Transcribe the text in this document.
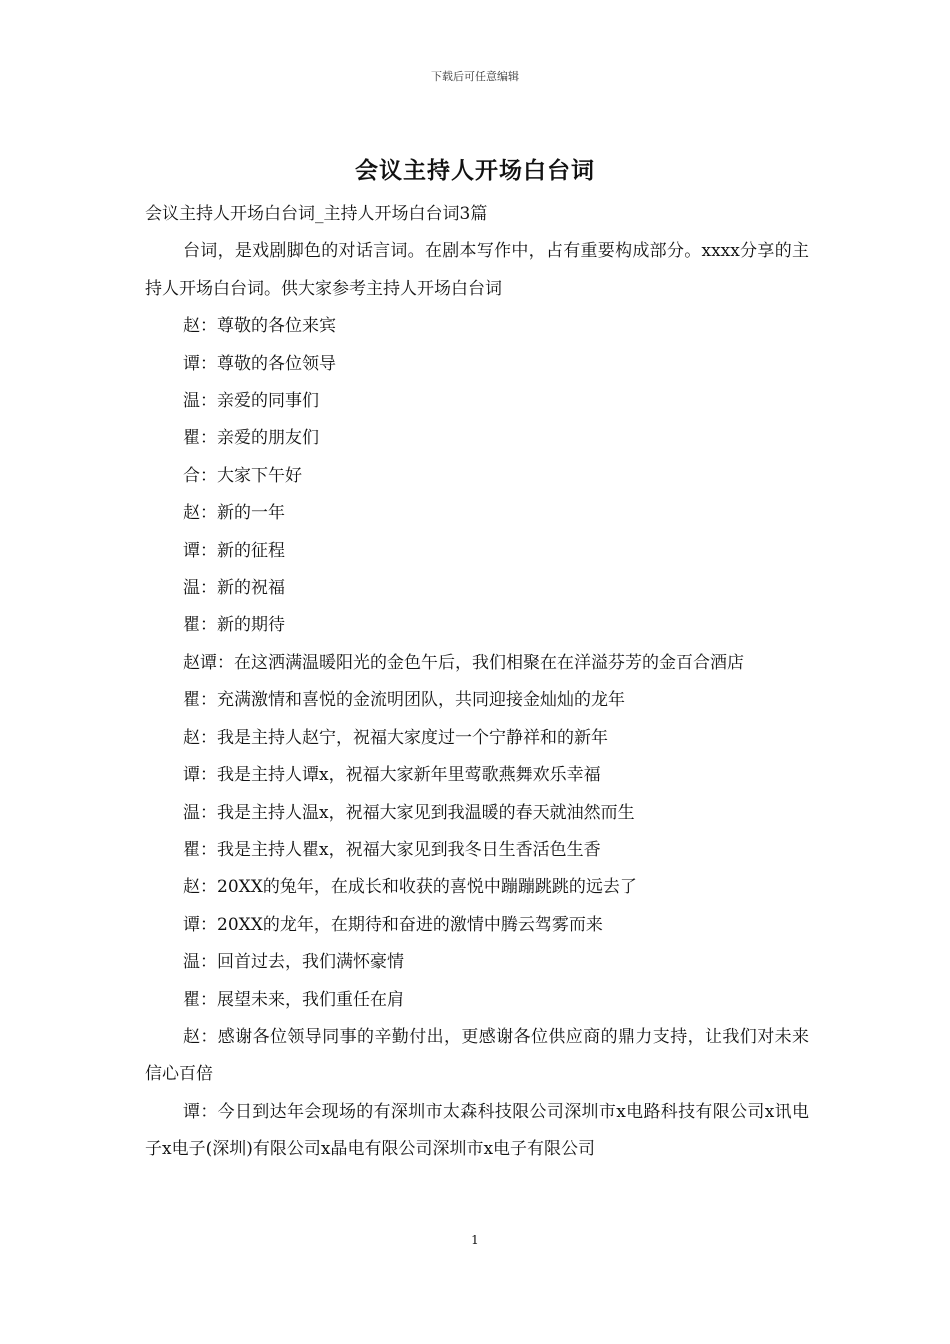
下载后可任意编辑
会议主持人开场白台词

会议主持人开场白台词_主持人开场白台词3篇

台词，是戏剧脚色的对话言词。在剧本写作中，占有重要构成部分。xxxx分享的主持人开场白台词。供大家参考主持人开场白台词

赵：尊敬的各位来宾

谭：尊敬的各位领导

温：亲爱的同事们

瞿：亲爱的朋友们

合：大家下午好

赵：新的一年

谭：新的征程

温：新的祝福

瞿：新的期待

赵谭：在这洒满温暖阳光的金色午后，我们相聚在在洋溢芬芳的金百合酒店

瞿：充满激情和喜悦的金流明团队，共同迎接金灿灿的龙年

赵：我是主持人赵宁，祝福大家度过一个宁静祥和的新年

谭：我是主持人谭x，祝福大家新年里莺歌燕舞欢乐幸福

温：我是主持人温x，祝福大家见到我温暖的春天就油然而生

瞿：我是主持人瞿x，祝福大家见到我冬日生香活色生香

赵：20XX的兔年，在成长和收获的喜悦中蹦蹦跳跳的远去了

谭：20XX的龙年，在期待和奋进的激情中腾云驾雾而来

温：回首过去，我们满怀豪情

瞿：展望未来，我们重任在肩

赵：感谢各位领导同事的辛勤付出，更感谢各位供应商的鼎力支持，让我们对未来信心百倍

谭：今日到达年会现场的有深圳市太森科技限公司深圳市x电路科技有限公司x讯电子x电子(深圳)有限公司x晶电有限公司深圳市x电子有限公司

1
